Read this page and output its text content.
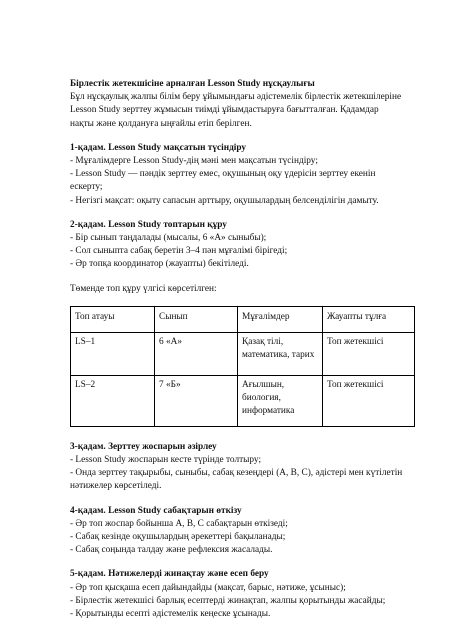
Бірлестік жетекшісіне арналған Lesson Study нұсқаулығы
Бұл нұсқаулық жалпы білім беру ұйымындағы әдістемелік бірлестік жетекшілеріне
Lesson Study зерттеу жұмысын тиімді ұйымдастыруға бағытталған. Қадамдар
нақты және қолдануға ыңғайлы етіп берілген.
1-қадам. Lesson Study мақсатын түсіндіру
- Мұғалімдерге Lesson Study-дің мәні мен мақсатын түсіндіру;
- Lesson Study — пәндік зерттеу емес, оқушының оқу үдерісін зерттеу екенін
ескерту;
- Негізгі мақсат: оқыту сапасын арттыру, оқушылардың белсенділігін дамыту.
2-қадам. Lesson Study топтарын құру
- Бір сынып таңдалады (мысалы, 6 «А» сыныбы);
- Сол сыныпта сабақ беретін 3–4 пән мұғалімі бірігеді;
- Әр топқа координатор (жауапты) бекітіледі.
Төменде топ құру үлгісі көрсетілген:
Топ атауы	Сынып	Мұғалімдер	Жауапты тұлға
LS–1	6 «А»	Қазақ тілі,
математика, тарих	Топ жетекшісі
LS–2	7 «Б»	Ағылшын,
биология,
информатика	Топ жетекшісі
3-қадам. Зерттеу жоспарын әзірлеу
- Lesson Study жоспарын кесте түрінде толтыру;
- Онда зерттеу тақырыбы, сыныбы, сабақ кезеңдері (A, B, C), әдістері мен күтілетін
нәтижелер көрсетіледі.
4-қадам. Lesson Study сабақтарын өткізу
- Әр топ жоспар бойынша A, B, C сабақтарын өткізеді;
- Сабақ кезінде оқушылардың әрекеттері бақыланады;
- Сабақ соңында талдау және рефлексия жасалады.
5-қадам. Нәтижелерді жинақтау және есеп беру
- Әр топ қысқаша есеп дайындайды (мақсат, барыс, нәтиже, ұсыныс);
- Бірлестік жетекшісі барлық есептерді жинақтап, жалпы қорытынды жасайды;
- Қорытынды есепті әдістемелік кеңеске ұсынады.
